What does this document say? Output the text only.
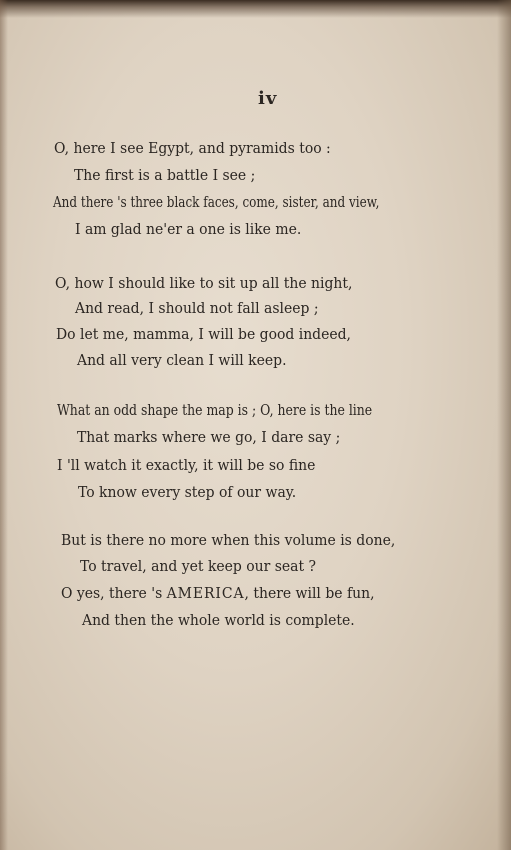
iv
O, here I see Egypt, and pyramids too :
The first is a battle I see ;
And there 's three black faces, come, sister, and view,
I am glad ne'er a one is like me.
O, how I should like to sit up all the night,
And read, I should not fall asleep ;
Do let me, mamma, I will be good indeed,
And all very clean I will keep.
What an odd shape the map is ; O, here is the line
That marks where we go, I dare say ;
I 'll watch it exactly, it will be so fine
To know every step of our way.
But is there no more when this volume is done,
To travel, and yet keep our seat ?
O yes, there 's AMERICA, there will be fun,
And then the whole world is complete.
